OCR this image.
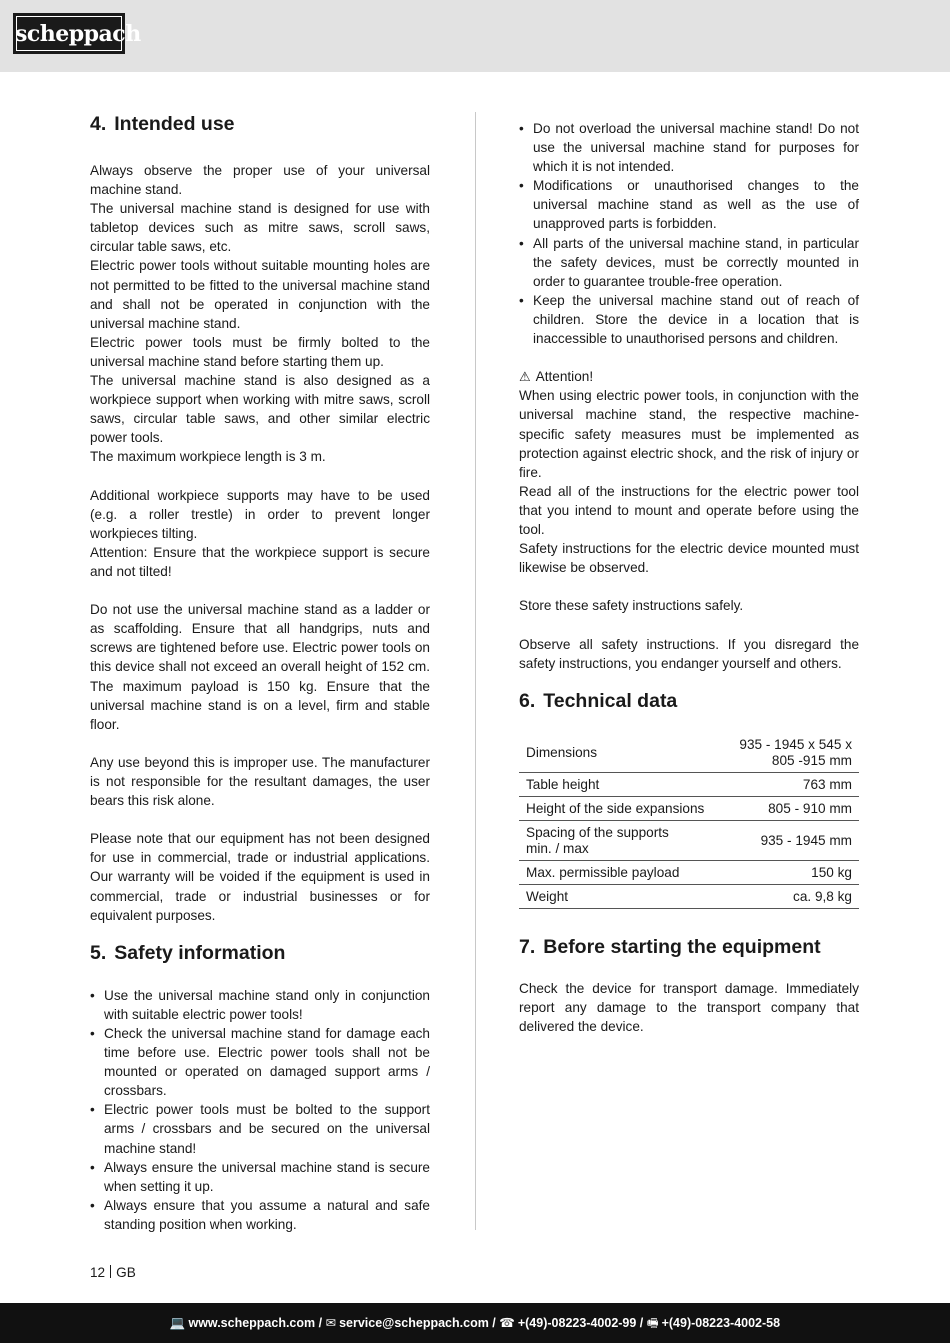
scheppach
4. Intended use

Always observe the proper use of your universal machine stand.

The universal machine stand is designed for use with tabletop devices such as mitre saws, scroll saws, circular table saws, etc.

Electric power tools without suitable mounting holes are not permitted to be fitted to the universal machine stand and shall not be operated in conjunction with the universal machine stand.

Electric power tools must be firmly bolted to the universal machine stand before starting them up.

The universal machine stand is also designed as a workpiece support when working with mitre saws, scroll saws, circular table saws, and other similar electric power tools.

The maximum workpiece length is 3 m.

Additional workpiece supports may have to be used (e.g. a roller trestle) in order to prevent longer workpieces tilting.

Attention: Ensure that the workpiece support is secure and not tilted!

Do not use the universal machine stand as a ladder or as scaffolding. Ensure that all handgrips, nuts and screws are tightened before use. Electric power tools on this device shall not exceed an overall height of 152 cm. The maximum payload is 150 kg. Ensure that the universal machine stand is on a level, firm and stable floor.

Any use beyond this is improper use. The manufacturer is not responsible for the resultant damages, the user bears this risk alone.

Please note that our equipment has not been designed for use in commercial, trade or industrial applications. Our warranty will be voided if the equipment is used in commercial, trade or industrial businesses or for equivalent purposes.

5. Safety information
• Use the universal machine stand only in conjunction with suitable electric power tools!
• Check the universal machine stand for damage each time before use. Electric power tools shall not be mounted or operated on damaged support arms / crossbars.
• Electric power tools must be bolted to the support arms / crossbars and be secured on the universal machine stand!
• Always ensure the universal machine stand is secure when setting it up.
• Always ensure that you assume a natural and safe standing position when working.
• Do not overload the universal machine stand! Do not use the universal machine stand for purposes for which it is not intended.
• Modifications or unauthorised changes to the universal machine stand as well as the use of unapproved parts is forbidden.
• All parts of the universal machine stand, in particular the safety devices, must be correctly mounted in order to guarantee trouble-free operation.
• Keep the universal machine stand out of reach of children. Store the device in a location that is inaccessible to unauthorised persons and children.
⚠ Attention!

When using electric power tools, in conjunction with the universal machine stand, the respective machine-specific safety measures must be implemented as protection against electric shock, and the risk of injury or fire.

Read all of the instructions for the electric power tool that you intend to mount and operate before using the tool.

Safety instructions for the electric device mounted must likewise be observed.

Store these safety instructions safely.

Observe all safety instructions. If you disregard the safety instructions, you endanger yourself and others.

6. Technical data
Dimensions	935 - 1945 x 545 x
805 -915 mm
Table height	763 mm
Height of the side expansions	805 - 910 mm
Spacing of the supports
min. / max	935 - 1945 mm
Max. permissible payload	150 kg
Weight	ca. 9,8 kg
7. Before starting the equipment

Check the device for transport damage. Immediately report any damage to the transport company that delivered the device.

12 GB
💻 www.scheppach.com / ✉ service@scheppach.com / ☎ +(49)-08223-4002-99 / 🖷 +(49)-08223-4002-58
